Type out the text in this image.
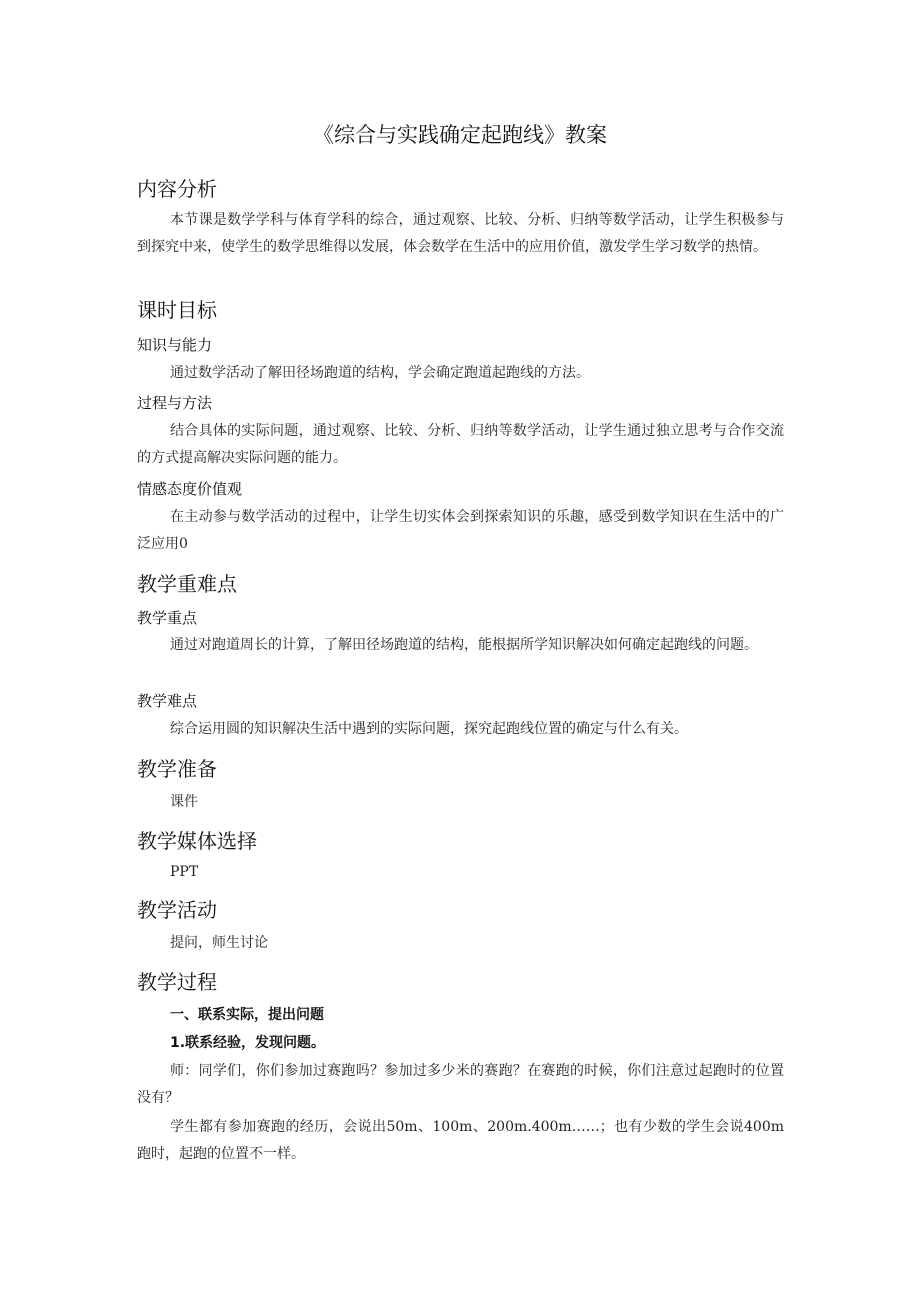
《综合与实践确定起跑线》教案
内容分析
本节课是数学学科与体育学科的综合，通过观察、比较、分析、归纳等数学活动，让学生积极参与到探究中来，使学生的数学思维得以发展，体会数学在生活中的应用价值，激发学生学习数学的热情。
课时目标
知识与能力
通过数学活动了解田径场跑道的结构，学会确定跑道起跑线的方法。
过程与方法
结合具体的实际问题，通过观察、比较、分析、归纳等数学活动，让学生通过独立思考与合作交流的方式提高解决实际问题的能力。
情感态度价值观
在主动参与数学活动的过程中，让学生切实体会到探索知识的乐趣，感受到数学知识在生活中的广泛应用0
教学重难点
教学重点
通过对跑道周长的计算，了解田径场跑道的结构，能根据所学知识解决如何确定起跑线的问题。
教学难点
综合运用圆的知识解决生活中遇到的实际问题，探究起跑线位置的确定与什么有关。
教学准备
课件
教学媒体选择
PPT
教学活动
提问，师生讨论
教学过程
一、联系实际，提出问题
1.联系经验，发现问题。
师：同学们，你们参加过赛跑吗？参加过多少米的赛跑？在赛跑的时候，你们注意过起跑时的位置没有？
学生都有参加赛跑的经历，会说出50m、100m、200m.400m……；也有少数的学生会说400m跑时，起跑的位置不一样。
